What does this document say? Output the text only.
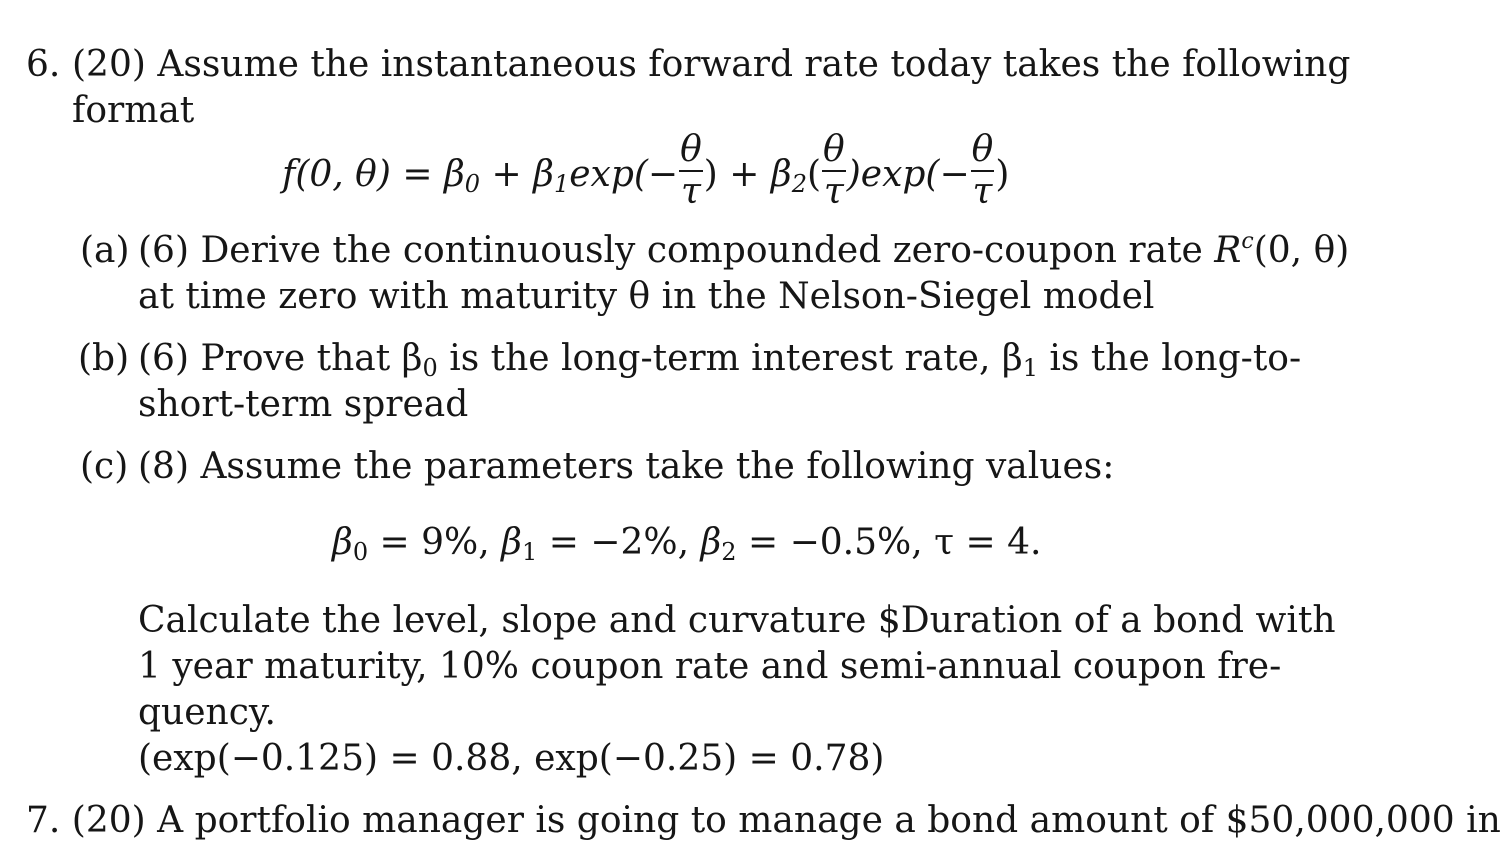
6. (20) Assume the instantaneous forward rate today takes the following
format
f(0, $\theta) = \beta_0 + \beta_1\exp(- \frac{\theta}{\tau}$ ) + $\beta_2( \frac{\theta}{\tau} )\exp(- \frac{\theta}{\tau}$ )
(a) (6) Derive the continuously compounded zero-coupon rate $R^c(0$, θ)
at time zero with maturity θ in the Nelson-Siegel model
(b) (6) Prove that $\beta_0$ is the long-term interest rate, $\beta_1$ is the long-to-
short-term spread
(c) (8) Assume the parameters take the following values:
$\beta_0 = 9\%$, $\beta_1 = -2\%$, $\beta_2 = -0.5\%$, τ = 4.
Calculate the level, slope and curvature $Duration of a bond with
1 year maturity, 10% coupon rate and semi-annual coupon fre-
quency.
(exp(−0.125) = 0.88, exp(−0.25) = 0.78)
7. (20) A portfolio manager is going to manage a bond amount of $50,000,000 in
